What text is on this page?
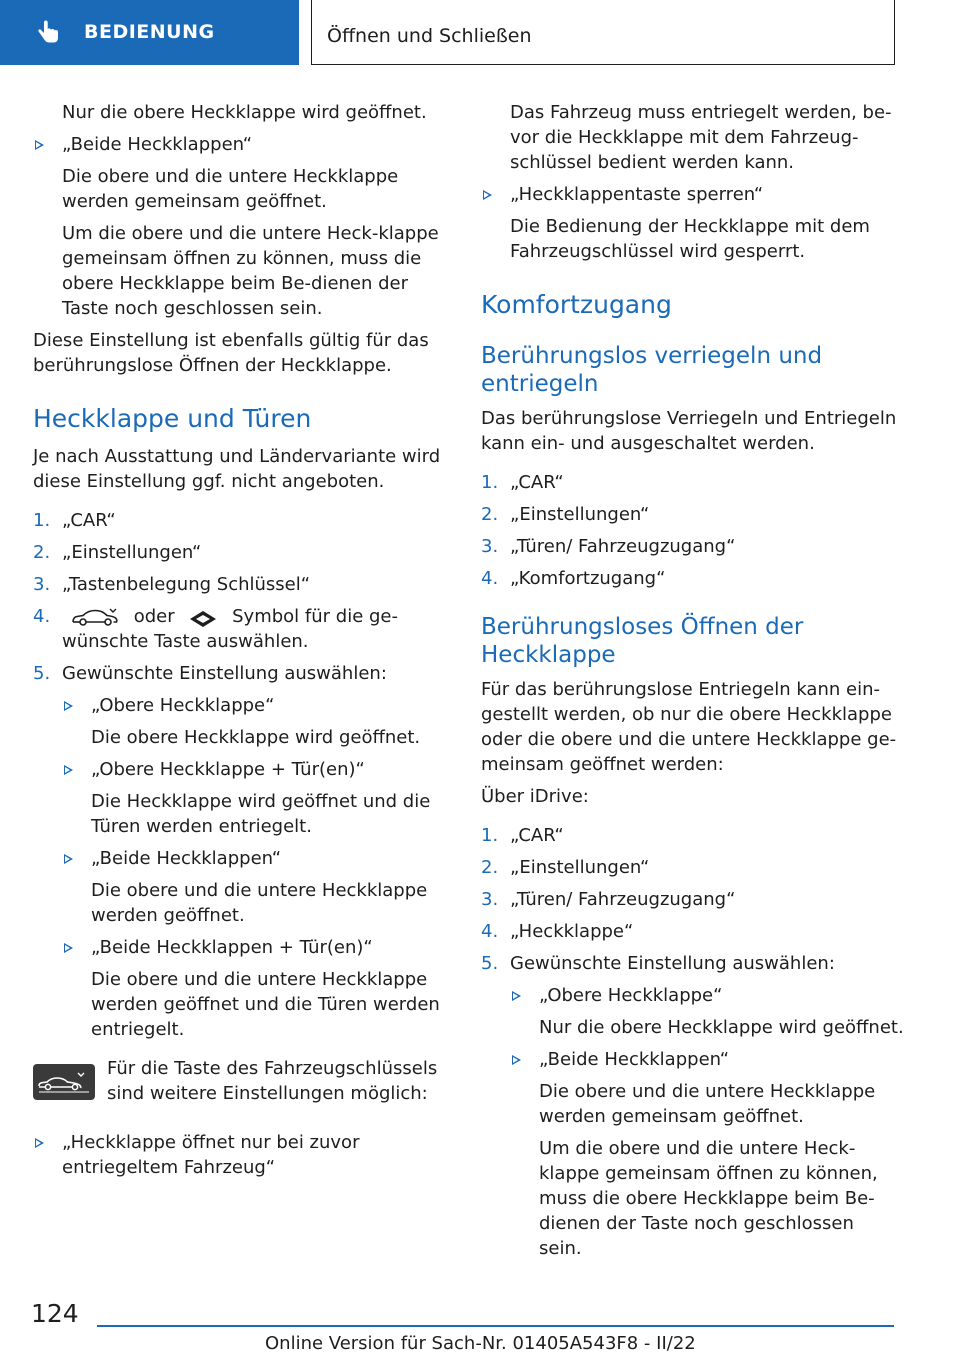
BEDIENUNG	Öffnen und Schließen
Nur die obere Heckklappe wird geöffnet.
„Beide Heckklappen“
Die obere und die untere Heckklappe werden gemeinsam geöffnet.
Um die obere und die untere Heck-klappe gemeinsam öffnen zu können, muss die obere Heckklappe beim Be-dienen der Taste noch geschlossen sein.
Diese Einstellung ist ebenfalls gültig für das berührungslose Öffnen der Heckklappe.
Heckklappe und Türen
Je nach Ausstattung und Ländervariante wird diese Einstellung ggf. nicht angeboten.
1. „CAR“
2. „Einstellungen“
3. „Tastenbelegung Schlüssel“
4.	oder	Symbol für die ge-wünschte Taste auswählen.
5. Gewünschte Einstellung auswählen:
„Obere Heckklappe“
Die obere Heckklappe wird geöffnet.
„Obere Heckklappe + Tür(en)“
Die Heckklappe wird geöffnet und die Türen werden entriegelt.
„Beide Heckklappen“
Die obere und die untere Heckklappe werden geöffnet.
„Beide Heckklappen + Tür(en)“
Die obere und die untere Heckklappe werden geöffnet und die Türen werden entriegelt.
Für die Taste des Fahrzeugschlüssels sind weitere Einstellungen möglich:
„Heckklappe öffnet nur bei zuvor entriegeltem Fahrzeug“
Das Fahrzeug muss entriegelt werden, be-vor die Heckklappe mit dem Fahrzeug-schlüssel bedient werden kann.
„Heckklappentaste sperren“
Die Bedienung der Heckklappe mit dem Fahrzeugschlüssel wird gesperrt.
Komfortzugang
Berührungslos verriegeln und entriegeln
Das berührungslose Verriegeln und Entriegeln kann ein- und ausgeschaltet werden.
1. „CAR“
2. „Einstellungen“
3. „Türen/ Fahrzeugzugang“
4. „Komfortzugang“
Berührungsloses Öffnen der Heckklappe
Für das berührungslose Entriegeln kann ein-gestellt werden, ob nur die obere Heckklappe oder die obere und die untere Heckklappe ge-meinsam geöffnet werden:
Über iDrive:
1. „CAR“
2. „Einstellungen“
3. „Türen/ Fahrzeugzugang“
4. „Heckklappe“
5. Gewünschte Einstellung auswählen:
„Obere Heckklappe“
Nur die obere Heckklappe wird geöffnet.
„Beide Heckklappen“
Die obere und die untere Heckklappe werden gemeinsam geöffnet.
Um die obere und die untere Heck-klappe gemeinsam öffnen zu können, muss die obere Heckklappe beim Be-dienen der Taste noch geschlossen sein.
124
Online Version für Sach-Nr. 01405A543F8 - II/22
